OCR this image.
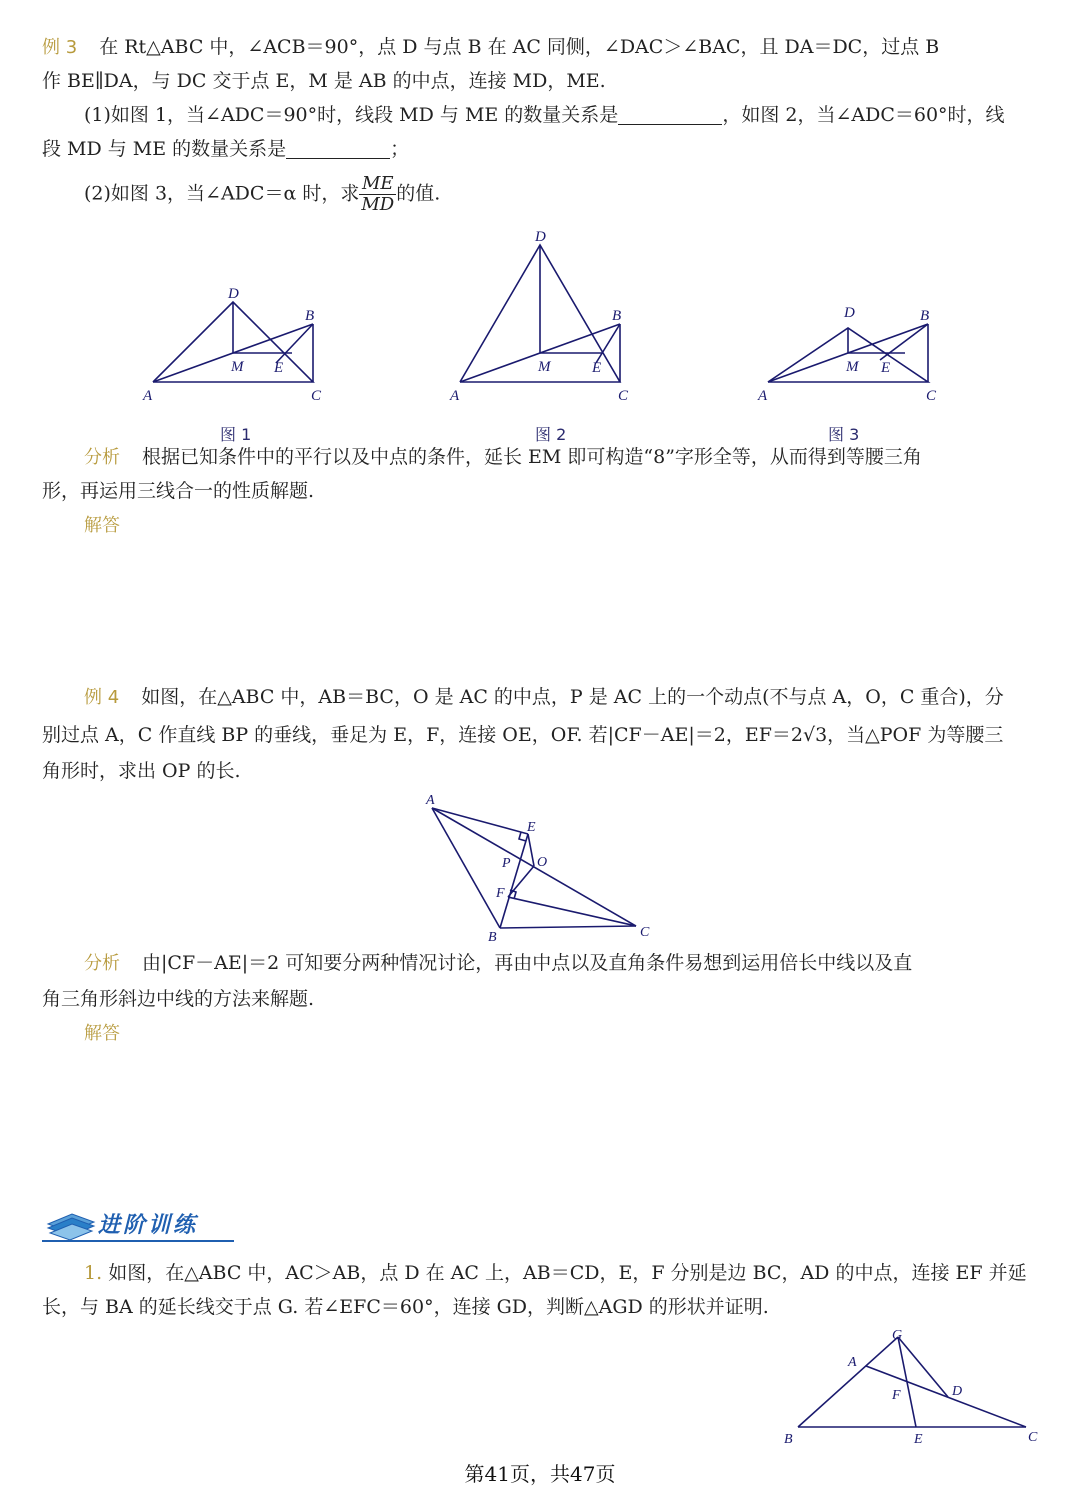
例 3 在 Rt△ABC 中，∠ACB＝90°，点 D 与点 B 在 AC 同侧，∠DAC＞∠BAC，且 DA＝DC，过点 B

作 BE∥DA，与 DC 交于点 E，M 是 AB 的中点，连接 MD，ME.

(1)如图 1，当∠ADC＝90°时，线段 MD 与 ME 的数量关系是	，如图 2，当∠ADC＝60°时，线

段 MD 与 ME 的数量关系是	；

(2)如图 3，当∠ADC＝α 时，求 $\frac{ME}{MD}$ 的值.

D
B
M E
A	C
D
B
M	E
A	C
D	B
M E
A	C
图 1	图 2	图 3

分析 根据已知条件中的平行以及中点的条件，延长 EM 即可构造“8”字形全等，从而得到等腰三角

形，再运用三线合一的性质解题.

解答

例 4 如图，在△ABC 中，AB＝BC，O 是 AC 的中点，P 是 AC 上的一个动点(不与点 A，O，C 重合)，分

别过点 A，C 作直线 BP 的垂线，垂足为 E，F，连接 OE，OF. 若|CF－AE|＝2，EF＝2√3，当△POF 为等腰三

角形时，求出 OP 的长.

A
E
P O
F
B	C

分析 由|CF－AE|＝2 可知要分两种情况讨论，再由中点以及直角条件易想到运用倍长中线以及直

角三角形斜边中线的方法来解题.

解答

进阶训练

1. 如图，在△ABC 中，AC＞AB，点 D 在 AC 上，AB＝CD，E，F 分别是边 BC，AD 的中点，连接 EF 并延

长，与 BA 的延长线交于点 G. 若∠EFC＝60°，连接 GD，判断△AGD 的形状并证明.

G
A
D
F
B	E	C
第41页，共47页
